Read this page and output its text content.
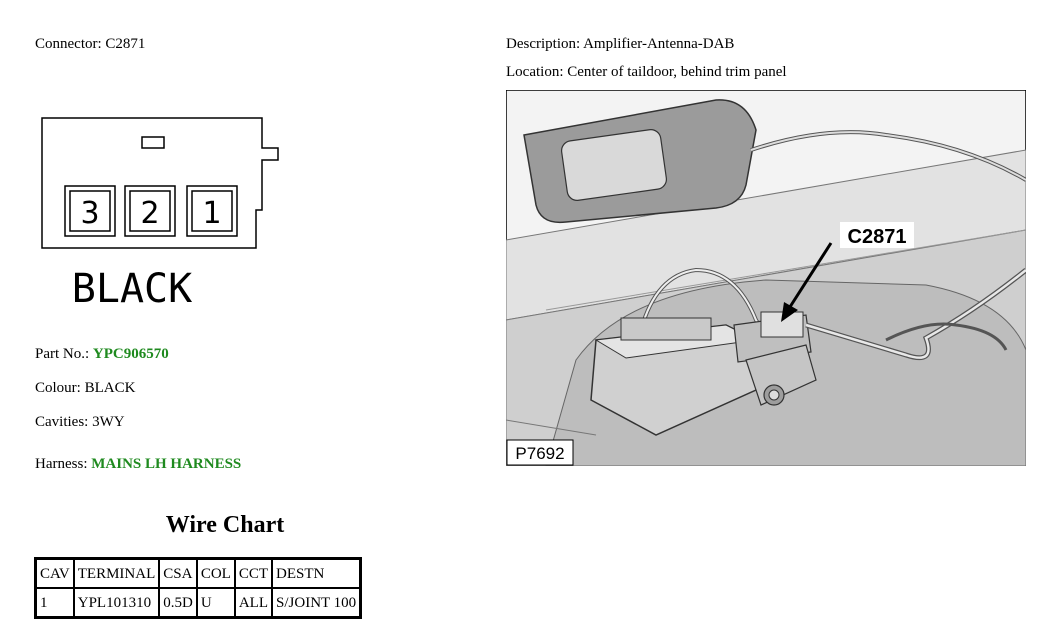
Connector: C2871	Description: Amplifier-Antenna-DAB
Location: Center of taildoor, behind trim panel
3 2 1
BLACK
C2871
P7692
Part No.: YPC906570
Colour: BLACK
Cavities: 3WY
Harness: MAINS LH HARNESS
Wire Chart
CAV	TERMINAL	CSA	COL	CCT	DESTN
1	YPL101310	0.5D	U	ALL	S/JOINT 100
